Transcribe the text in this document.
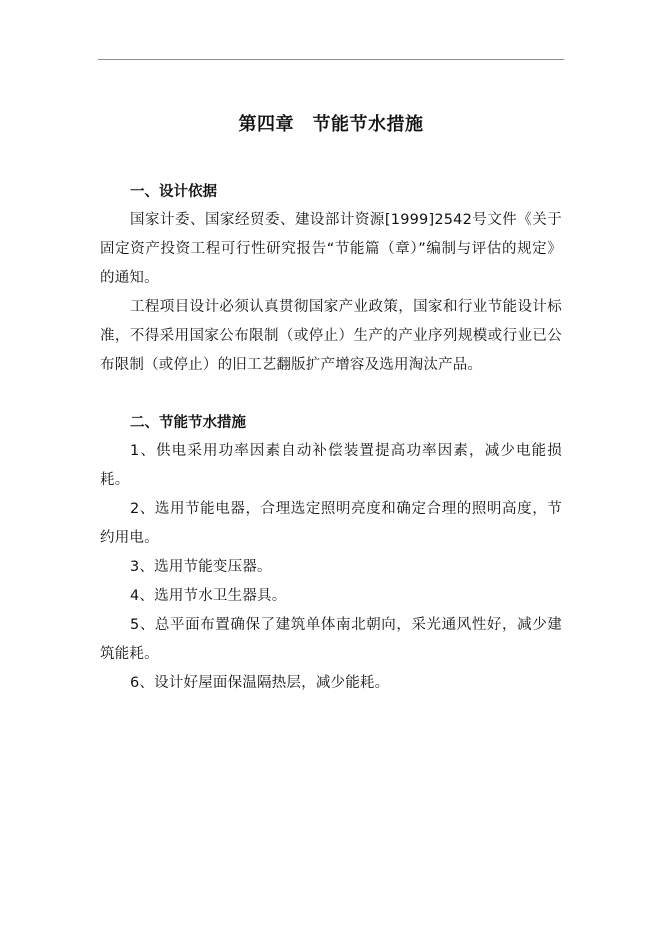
第四章　节能节水措施
一、设计依据

国家计委、国家经贸委、建设部计资源[1999]2542号文件《关于固定资产投资工程可行性研究报告“节能篇（章）”编制与评估的规定》的通知。

工程项目设计必须认真贯彻国家产业政策，国家和行业节能设计标准，不得采用国家公布限制（或停止）生产的产业序列规模或行业已公布限制（或停止）的旧工艺翻版扩产增容及选用淘汰产品。

二、节能节水措施

1、供电采用功率因素自动补偿装置提高功率因素，减少电能损耗。

2、选用节能电器，合理选定照明亮度和确定合理的照明高度，节约用电。

3、选用节能变压器。

4、选用节水卫生器具。

5、总平面布置确保了建筑单体南北朝向，采光通风性好，减少建筑能耗。

6、设计好屋面保温隔热层，减少能耗。
